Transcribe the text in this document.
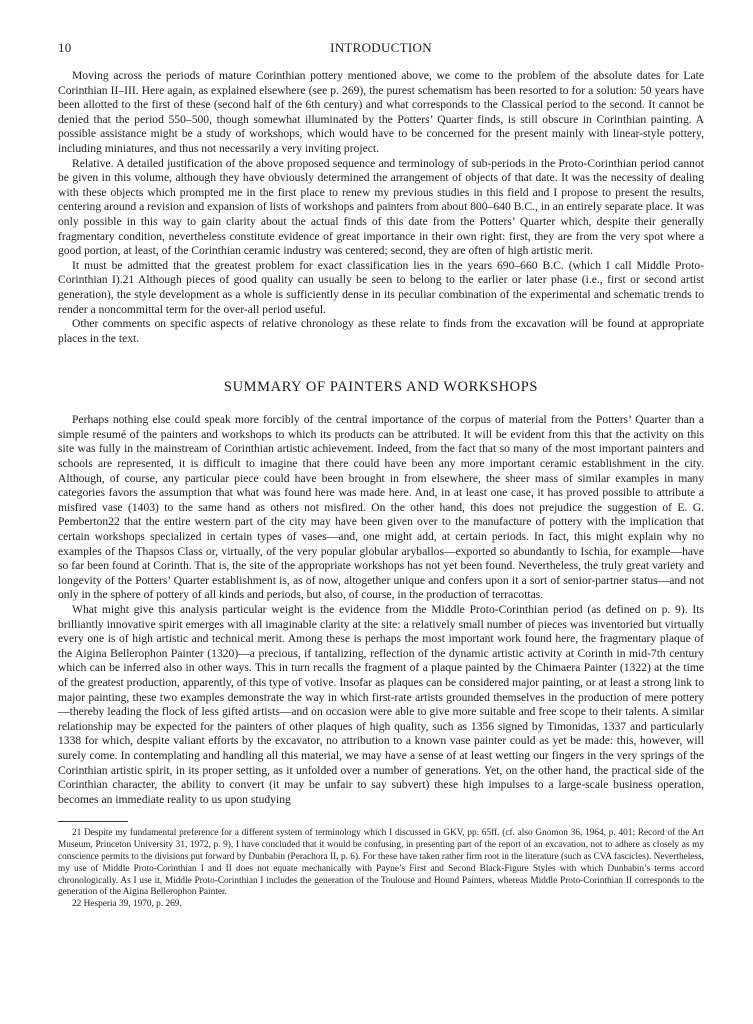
10	INTRODUCTION

Moving across the periods of mature Corinthian pottery mentioned above, we come to the problem of the absolute dates for Late Corinthian II–III. Here again, as explained elsewhere (see p. 269), the purest schematism has been resorted to for a solution: 50 years have been allotted to the first of these (second half of the 6th century) and what corresponds to the Classical period to the second. It cannot be denied that the period 550–500, though somewhat illuminated by the Potters’ Quarter finds, is still obscure in Corinthian painting. A possible assistance might be a study of workshops, which would have to be concerned for the present mainly with linear-style pottery, including miniatures, and thus not necessarily a very inviting project.

Relative. A detailed justification of the above proposed sequence and terminology of sub-periods in the Proto-Corinthian period cannot be given in this volume, although they have obviously determined the arrangement of objects of that date. It was the necessity of dealing with these objects which prompted me in the first place to renew my previous studies in this field and I propose to present the results, centering around a revision and expansion of lists of workshops and painters from about 800–640 B.C., in an entirely separate place. It was only possible in this way to gain clarity about the actual finds of this date from the Potters’ Quarter which, despite their generally fragmentary condition, nevertheless constitute evidence of great importance in their own right: first, they are from the very spot where a good portion, at least, of the Corinthian ceramic industry was centered; second, they are often of high artistic merit.

It must be admitted that the greatest problem for exact classification lies in the years 690–660 B.C. (which I call Middle Proto-Corinthian I).21 Although pieces of good quality can usually be seen to belong to the earlier or later phase (i.e., first or second artist generation), the style development as a whole is sufficiently dense in its peculiar combination of the experimental and schematic trends to render a noncommittal term for the over-all period useful.

Other comments on specific aspects of relative chronology as these relate to finds from the excavation will be found at appropriate places in the text.

SUMMARY OF PAINTERS AND WORKSHOPS

Perhaps nothing else could speak more forcibly of the central importance of the corpus of material from the Potters’ Quarter than a simple resumé of the painters and workshops to which its products can be attributed. It will be evident from this that the activity on this site was fully in the mainstream of Corinthian artistic achievement. Indeed, from the fact that so many of the most important painters and schools are represented, it is difficult to imagine that there could have been any more important ceramic establishment in the city. Although, of course, any particular piece could have been brought in from elsewhere, the sheer mass of similar examples in many categories favors the assumption that what was found here was made here. And, in at least one case, it has proved possible to attribute a misfired vase (1403) to the same hand as others not misfired. On the other hand, this does not prejudice the suggestion of E. G. Pemberton22 that the entire western part of the city may have been given over to the manufacture of pottery with the implication that certain workshops specialized in certain types of vases—and, one might add, at certain periods. In fact, this might explain why no examples of the Thapsos Class or, virtually, of the very popular globular aryballos—exported so abundantly to Ischia, for example—have so far been found at Corinth. That is, the site of the appropriate workshops has not yet been found. Nevertheless, the truly great variety and longevity of the Potters’ Quarter establishment is, as of now, altogether unique and confers upon it a sort of senior-partner status—and not only in the sphere of pottery of all kinds and periods, but also, of course, in the production of terracottas.

What might give this analysis particular weight is the evidence from the Middle Proto-Corinthian period (as defined on p. 9). Its brilliantly innovative spirit emerges with all imaginable clarity at the site: a relatively small number of pieces was inventoried but virtually every one is of high artistic and technical merit. Among these is perhaps the most important work found here, the fragmentary plaque of the Aigina Bellerophon Painter (1320)—a precious, if tantalizing, reflection of the dynamic artistic activity at Corinth in mid-7th century which can be inferred also in other ways. This in turn recalls the fragment of a plaque painted by the Chimaera Painter (1322) at the time of the greatest production, apparently, of this type of votive. Insofar as plaques can be considered major painting, or at least a strong link to major painting, these two examples demonstrate the way in which first-rate artists grounded themselves in the production of mere pottery—thereby leading the flock of less gifted artists—and on occasion were able to give more suitable and free scope to their talents. A similar relationship may be expected for the painters of other plaques of high quality, such as 1356 signed by Timonidas, 1337 and particularly 1338 for which, despite valiant efforts by the excavator, no attribution to a known vase painter could as yet be made: this, however, will surely come. In contemplating and handling all this material, we may have a sense of at least wetting our fingers in the very springs of the Corinthian artistic spirit, in its proper setting, as it unfolded over a number of generations. Yet, on the other hand, the practical side of the Corinthian character, the ability to convert (it may be unfair to say subvert) these high impulses to a large-scale business operation, becomes an immediate reality to us upon studying

21 Despite my fundamental preference for a different system of terminology which I discussed in GKV, pp. 65ff. (cf. also Gnomon 36, 1964, p. 401; Record of the Art Museum, Princeton University 31, 1972, p. 9), I have concluded that it would be confusing, in presenting part of the report of an excavation, not to adhere as closely as my conscience permits to the divisions put forward by Dunbabin (Perachora II, p. 6). For these have taken rather firm root in the literature (such as CVA fascicles). Nevertheless, my use of Middle Proto-Corinthian I and II does not equate mechanically with Payne’s First and Second Black-Figure Styles with which Dunbabin’s terms accord chronologically. As I use it, Middle Proto-Corinthian I includes the generation of the Toulouse and Hound Painters, whereas Middle Proto-Corinthian II corresponds to the generation of the Aigina Bellerophon Painter.

22 Hesperia 39, 1970, p. 269.
